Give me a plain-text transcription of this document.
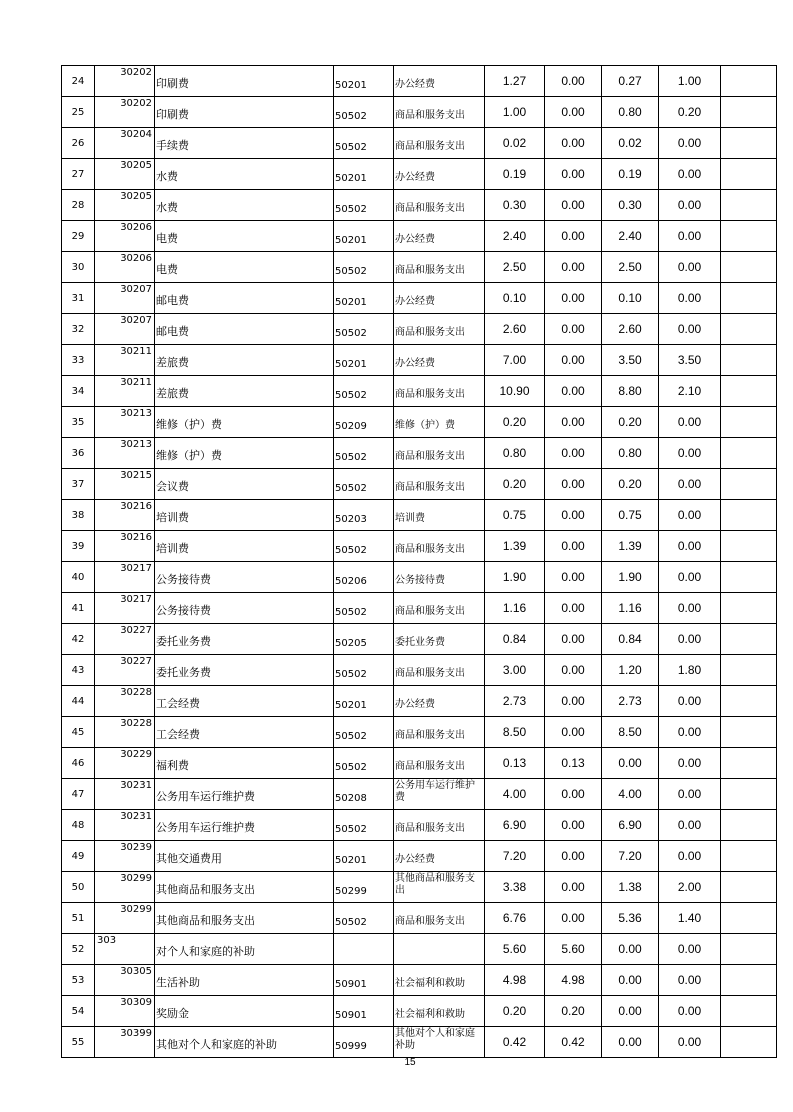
24	30202	印刷费	50201	办公经费	1.27	0.00	0.27	1.00	
25	30202	印刷费	50502	商品和服务支出	1.00	0.00	0.80	0.20	
26	30204	手续费	50502	商品和服务支出	0.02	0.00	0.02	0.00	
27	30205	水费	50201	办公经费	0.19	0.00	0.19	0.00	
28	30205	水费	50502	商品和服务支出	0.30	0.00	0.30	0.00	
29	30206	电费	50201	办公经费	2.40	0.00	2.40	0.00	
30	30206	电费	50502	商品和服务支出	2.50	0.00	2.50	0.00	
31	30207	邮电费	50201	办公经费	0.10	0.00	0.10	0.00	
32	30207	邮电费	50502	商品和服务支出	2.60	0.00	2.60	0.00	
33	30211	差旅费	50201	办公经费	7.00	0.00	3.50	3.50	
34	30211	差旅费	50502	商品和服务支出	10.90	0.00	8.80	2.10	
35	30213	维修（护）费	50209	维修（护）费	0.20	0.00	0.20	0.00	
36	30213	维修（护）费	50502	商品和服务支出	0.80	0.00	0.80	0.00	
37	30215	会议费	50502	商品和服务支出	0.20	0.00	0.20	0.00	
38	30216	培训费	50203	培训费	0.75	0.00	0.75	0.00	
39	30216	培训费	50502	商品和服务支出	1.39	0.00	1.39	0.00	
40	30217	公务接待费	50206	公务接待费	1.90	0.00	1.90	0.00	
41	30217	公务接待费	50502	商品和服务支出	1.16	0.00	1.16	0.00	
42	30227	委托业务费	50205	委托业务费	0.84	0.00	0.84	0.00	
43	30227	委托业务费	50502	商品和服务支出	3.00	0.00	1.20	1.80	
44	30228	工会经费	50201	办公经费	2.73	0.00	2.73	0.00	
45	30228	工会经费	50502	商品和服务支出	8.50	0.00	8.50	0.00	
46	30229	福利费	50502	商品和服务支出	0.13	0.13	0.00	0.00	
47	30231	公务用车运行维护费	50208	公务用车运行维护费	4.00	0.00	4.00	0.00	
48	30231	公务用车运行维护费	50502	商品和服务支出	6.90	0.00	6.90	0.00	
49	30239	其他交通费用	50201	办公经费	7.20	0.00	7.20	0.00	
50	30299	其他商品和服务支出	50299	其他商品和服务支出	3.38	0.00	1.38	2.00	
51	30299	其他商品和服务支出	50502	商品和服务支出	6.76	0.00	5.36	1.40	
52	303	对个人和家庭的补助			5.60	5.60	0.00	0.00	
53	30305	生活补助	50901	社会福利和救助	4.98	4.98	0.00	0.00	
54	30309	奖励金	50901	社会福利和救助	0.20	0.20	0.00	0.00	
55	30399	其他对个人和家庭的补助	50999	其他对个人和家庭补助	0.42	0.42	0.00	0.00	
15
